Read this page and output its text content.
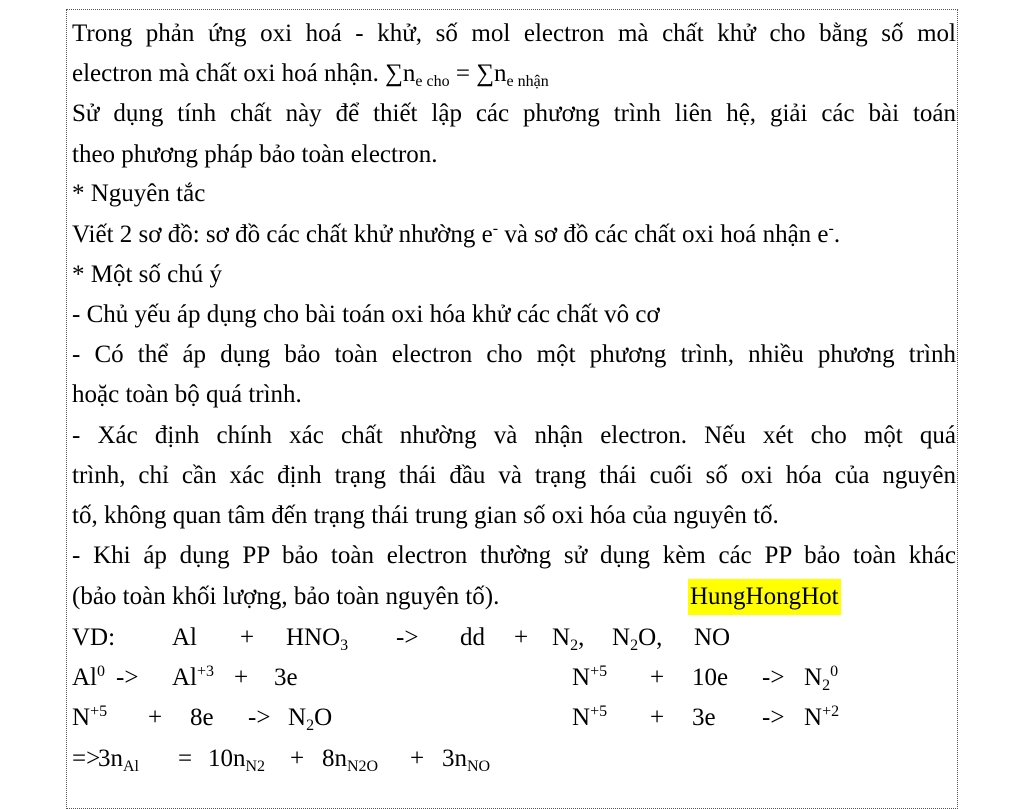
Trong phản ứng oxi hoá - khử, số mol electron mà chất khử cho bằng số mol
electron mà chất oxi hoá nhận. $\sum n_{e cho} = \sum n_{e nhận}$
Sử dụng tính chất này để thiết lập các phương trình liên hệ, giải các bài toán
theo phương pháp bảo toàn electron.
* Nguyên tắc
Viết 2 sơ đồ: sơ đồ các chất khử nhường e- và sơ đồ các chất oxi hoá nhận e-.
* Một số chú ý
- Chủ yếu áp dụng cho bài toán oxi hóa khử các chất vô cơ
- Có thể áp dụng bảo toàn electron cho một phương trình, nhiều phương trình
hoặc toàn bộ quá trình.
- Xác định chính xác chất nhường và nhận electron. Nếu xét cho một quá
trình, chỉ cần xác định trạng thái đầu và trạng thái cuối số oxi hóa của nguyên
tố, không quan tâm đến trạng thái trung gian số oxi hóa của nguyên tố.
- Khi áp dụng PP bảo toàn electron thường sử dụng kèm các PP bảo toàn khác
(bảo toàn khối lượng, bảo toàn nguyên tố).	HungHongHot
VD: $Al + HNO_3$ -> dd + $N_2$, $N_2O$, NO
$Al^0 -> Al^{+3} + 3e$	$N^{+5} + 10e -> N_2^0$
$N^{+5} + 8e -> N_2O$	$N^{+5} + 3e -> N^{+2}$
=>
$3n_{Al} = 10n_{N2} + 8n_{N2O} + 3n_{NO}$
